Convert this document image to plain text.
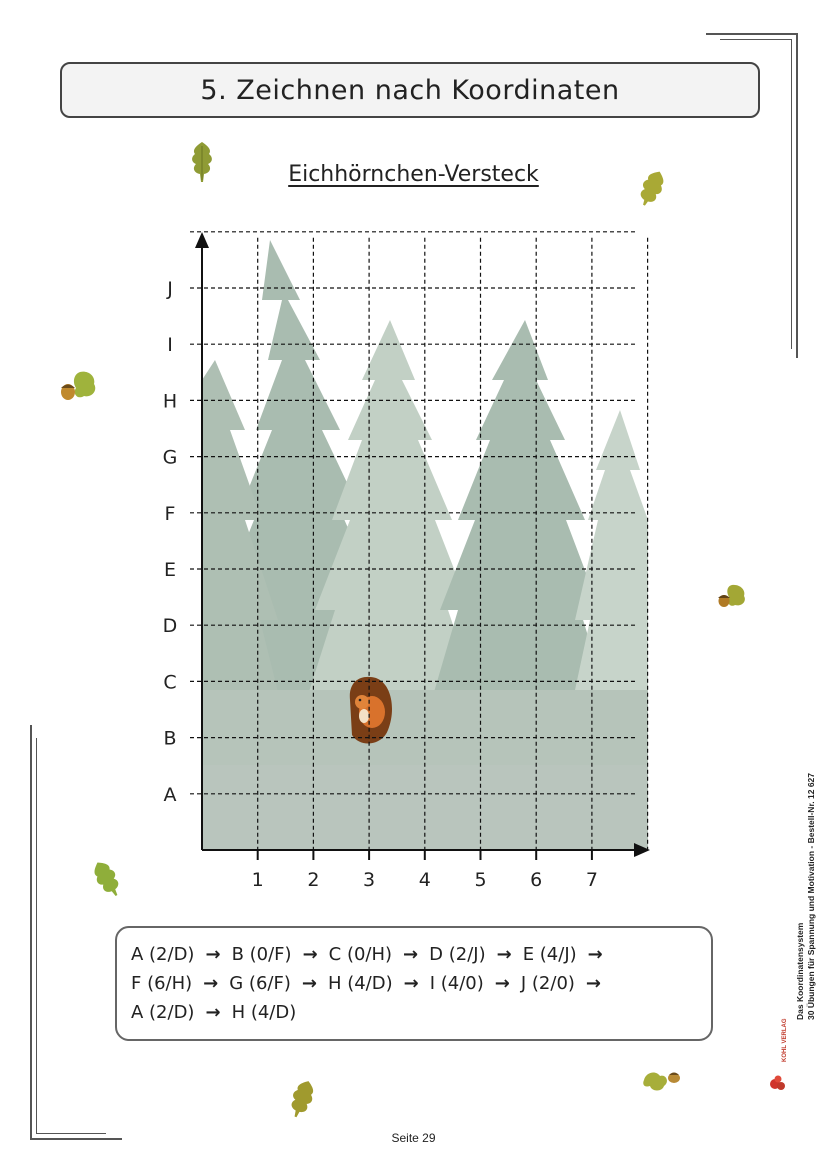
5. Zeichnen nach Koordinaten
Eichhörnchen-Versteck
1 2 3 4 5 6 7
A
B
C
D
E
F
G
H
I
J
A (2/D) → B (0/F) → C (0/H) → D (2/J) → E (4/J) →
F (6/H) → G (6/F) → H (4/D) → I (4/0) → J (2/0) →
A (2/D) → H (4/D)	Das Koordinatensystem 30 Übungen für Spannung und Motivation - Bestell-Nr. 12 627
KOHL VERLAG
Seite 29
